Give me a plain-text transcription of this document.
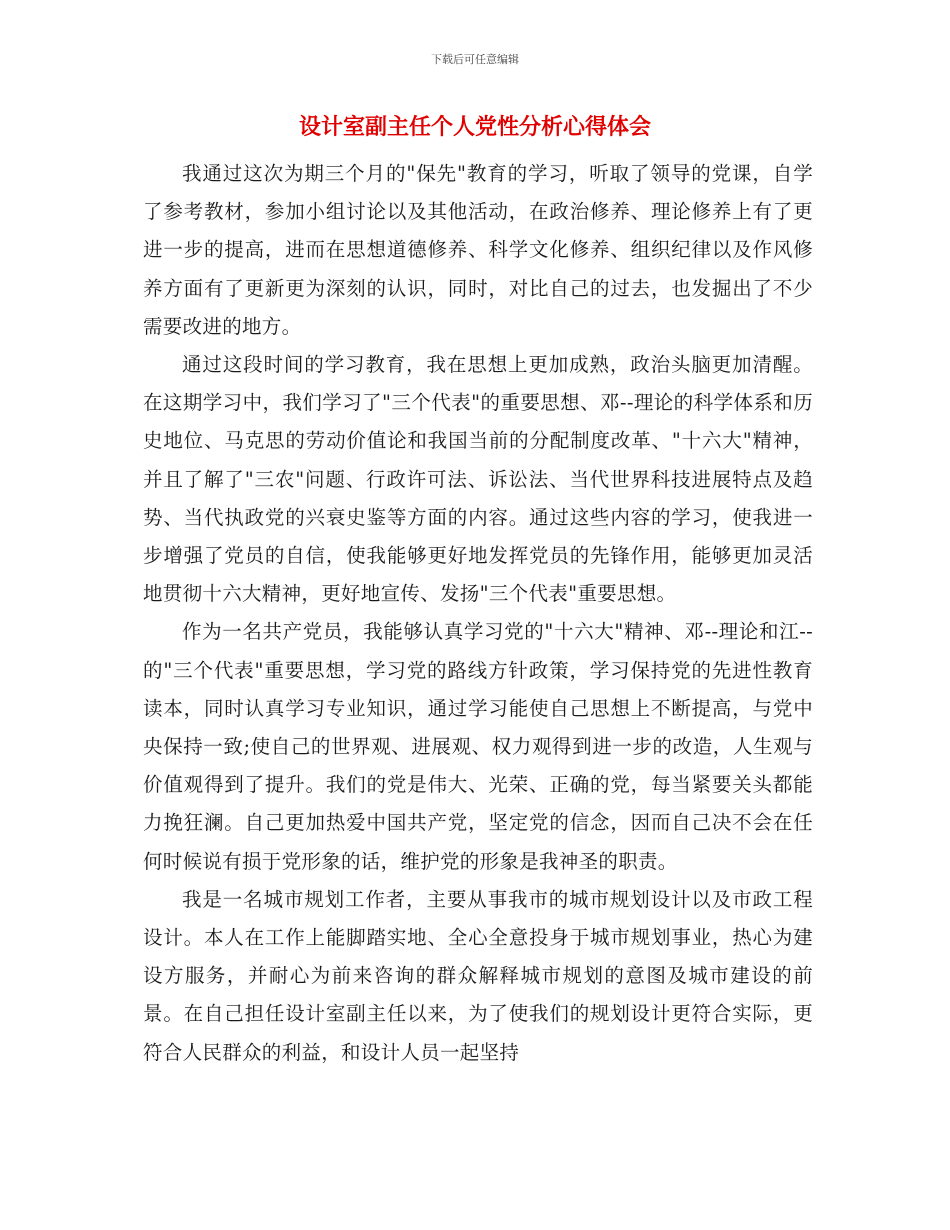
下载后可任意编辑
设计室副主任个人党性分析心得体会

我通过这次为期三个月的"保先"教育的学习，听取了领导的党课，自学了参考教材，参加小组讨论以及其他活动，在政治修养、理论修养上有了更进一步的提高，进而在思想道德修养、科学文化修养、组织纪律以及作风修养方面有了更新更为深刻的认识，同时，对比自己的过去，也发掘出了不少需要改进的地方。

通过这段时间的学习教育，我在思想上更加成熟，政治头脑更加清醒。在这期学习中，我们学习了"三个代表"的重要思想、邓--理论的科学体系和历史地位、马克思的劳动价值论和我国当前的分配制度改革、"十六大"精神，并且了解了"三农"问题、行政许可法、诉讼法、当代世界科技进展特点及趋势、当代执政党的兴衰史鉴等方面的内容。通过这些内容的学习，使我进一步增强了党员的自信，使我能够更好地发挥党员的先锋作用，能够更加灵活地贯彻十六大精神，更好地宣传、发扬"三个代表"重要思想。

作为一名共产党员，我能够认真学习党的"十六大"精神、邓--理论和江--的"三个代表"重要思想，学习党的路线方针政策，学习保持党的先进性教育读本，同时认真学习专业知识，通过学习能使自己思想上不断提高，与党中央保持一致;使自己的世界观、进展观、权力观得到进一步的改造，人生观与价值观得到了提升。我们的党是伟大、光荣、正确的党，每当紧要关头都能力挽狂澜。自己更加热爱中国共产党，坚定党的信念，因而自己决不会在任何时候说有损于党形象的话，维护党的形象是我神圣的职责。

我是一名城市规划工作者，主要从事我市的城市规划设计以及市政工程设计。本人在工作上能脚踏实地、全心全意投身于城市规划事业，热心为建设方服务，并耐心为前来咨询的群众解释城市规划的意图及城市建设的前景。在自己担任设计室副主任以来，为了使我们的规划设计更符合实际，更符合人民群众的利益，和设计人员一起坚持
